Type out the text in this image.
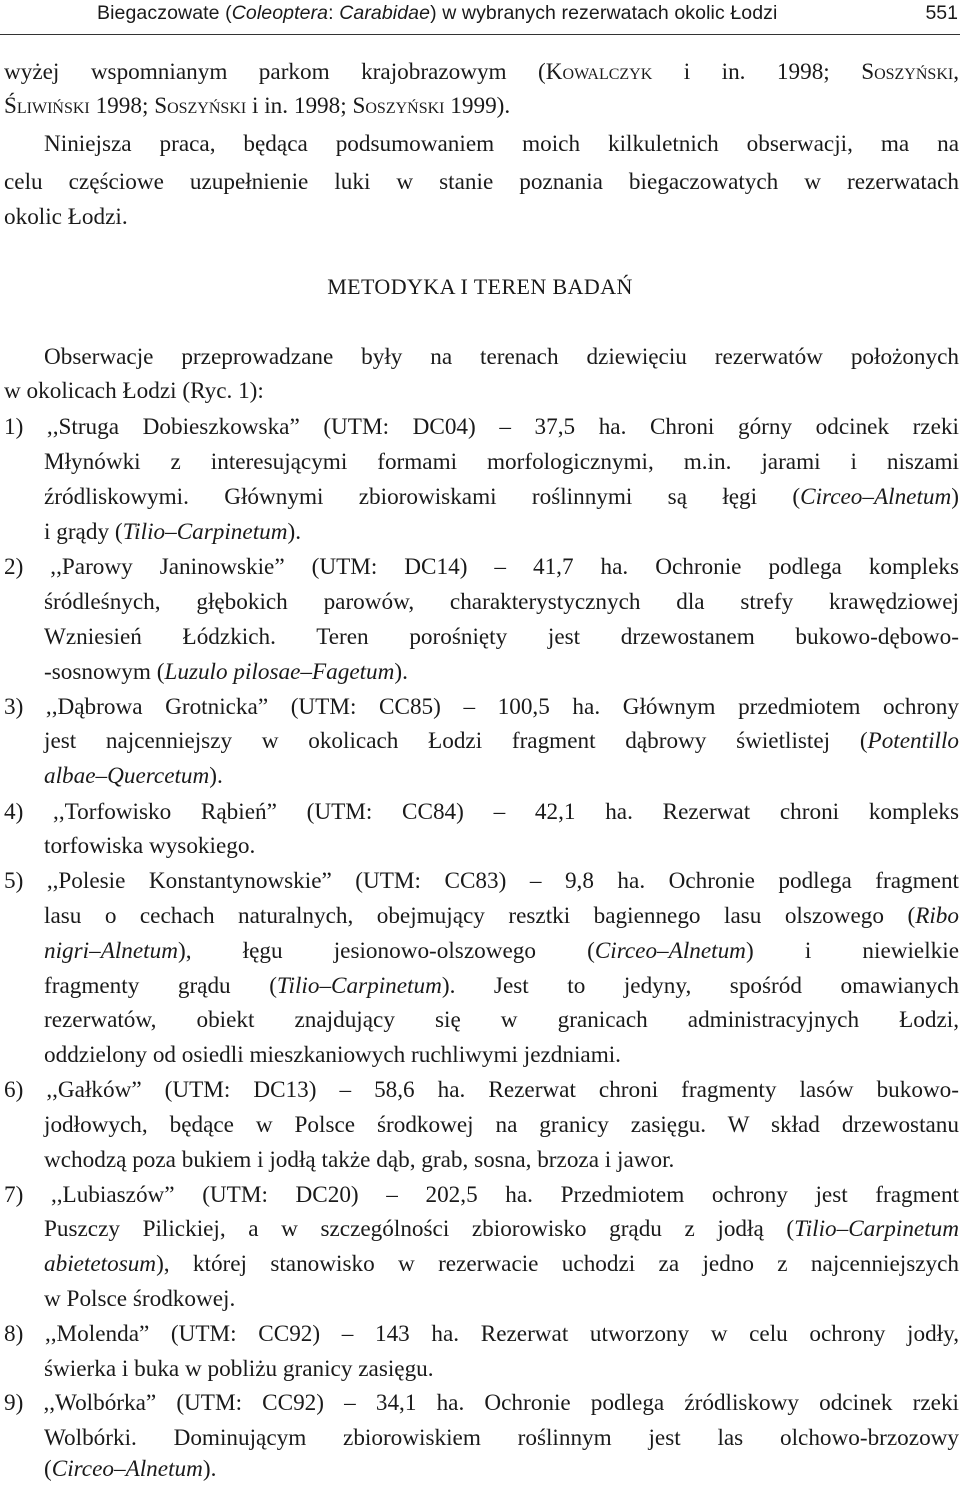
Biegaczowate (Coleoptera: Carabidae) w wybranych rezerwatach okolic Łodzi	551
wyżej wspomnianym parkom krajobrazowym (Kowalczyk i in. 1998; Soszyński,
Śliwiński 1998; Soszyński i in. 1998; Soszyński 1999).
Niniejsza praca, będąca podsumowaniem moich kilkuletnich obserwacji, ma na
celu częściowe uzupełnienie luki w stanie poznania biegaczowatych w rezerwatach
okolic Łodzi.
METODYKA I TEREN BADAŃ
Obserwacje przeprowadzane były na terenach dziewięciu rezerwatów położonych
w okolicach Łodzi (Ryc. 1):
1) ,,Struga Dobieszkowska” (UTM: DC04) – 37,5 ha. Chroni górny odcinek rzeki
Młynówki z interesującymi formami morfologicznymi, m.in. jarami i niszami
źródliskowymi. Głównymi zbiorowiskami roślinnymi są łęgi (Circeo–Alnetum)
i grądy (Tilio–Carpinetum).
2) ,,Parowy Janinowskie” (UTM: DC14) – 41,7 ha. Ochronie podlega kompleks
śródleśnych, głębokich parowów, charakterystycznych dla strefy krawędziowej
Wzniesień Łódzkich. Teren porośnięty jest drzewostanem bukowo-dębowo-
-sosnowym (Luzulo pilosae–Fagetum).
3) ,,Dąbrowa Grotnicka” (UTM: CC85) – 100,5 ha. Głównym przedmiotem ochrony
jest najcenniejszy w okolicach Łodzi fragment dąbrowy świetlistej (Potentillo
albae–Quercetum).
4) ,,Torfowisko Rąbień” (UTM: CC84) – 42,1 ha. Rezerwat chroni kompleks
torfowiska wysokiego.
5) ,,Polesie Konstantynowskie” (UTM: CC83) – 9,8 ha. Ochronie podlega fragment
lasu o cechach naturalnych, obejmujący resztki bagiennego lasu olszowego (Ribo
nigri–Alnetum), łęgu jesionowo-olszowego (Circeo–Alnetum) i niewielkie
fragmenty grądu (Tilio–Carpinetum). Jest to jedyny, spośród omawianych
rezerwatów, obiekt znajdujący się w granicach administracyjnych Łodzi,
oddzielony od osiedli mieszkaniowych ruchliwymi jezdniami.
6) ,,Gałków” (UTM: DC13) – 58,6 ha. Rezerwat chroni fragmenty lasów bukowo-
jodłowych, będące w Polsce środkowej na granicy zasięgu. W skład drzewostanu
wchodzą poza bukiem i jodłą także dąb, grab, sosna, brzoza i jawor.
7) ,,Lubiaszów” (UTM: DC20) – 202,5 ha. Przedmiotem ochrony jest fragment
Puszczy Pilickiej, a w szczególności zbiorowisko grądu z jodłą (Tilio–Carpinetum
abietetosum), której stanowisko w rezerwacie uchodzi za jedno z najcenniejszych
w Polsce środkowej.
8) ,,Molenda” (UTM: CC92) – 143 ha. Rezerwat utworzony w celu ochrony jodły,
świerka i buka w pobliżu granicy zasięgu.
9) ,,Wolbórka” (UTM: CC92) – 34,1 ha. Ochronie podlega źródliskowy odcinek rzeki
Wolbórki. Dominującym zbiorowiskiem roślinnym jest las olchowo-brzozowy
(Circeo–Alnetum).
